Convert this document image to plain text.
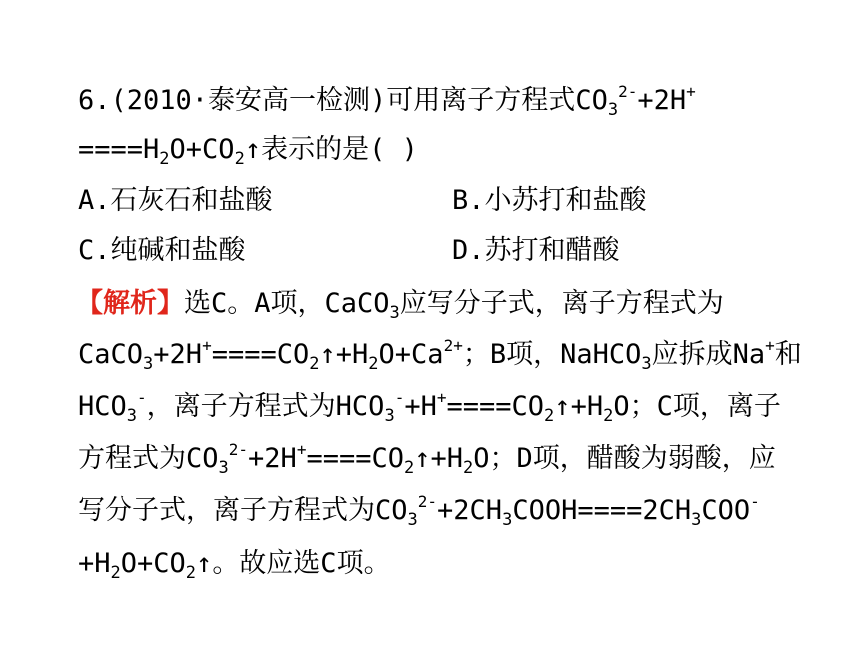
6.(2010·泰安高一检测)可用离子方程式$CO_3^{2-}+2H^+$
$====H_2O+CO_2↑$表示的是( )
A.石灰石和盐酸	B.小苏打和盐酸
C.纯碱和盐酸	D.苏打和醋酸
【解析】选C。A项，CaCO$_3$应写分子式，离子方程式为
$CaCO_3+2H^+====CO_2↑+H_2O+Ca^{2+}$；B项，NaHCO$_3$应拆成Na+和
$HCO_3^-$，离子方程式为$HCO_3^-+H^+====CO_2↑+H_2O$；C项，离子
方程式为$CO_3^{2-}+2H^+====CO_2↑+H_2O$；D项，醋酸为弱酸，应
写分子式，离子方程式为$CO_3^{2-}+2CH_3COOH====2CH_3COO^-$
$+H_2O+CO_2↑$。故应选C项。
